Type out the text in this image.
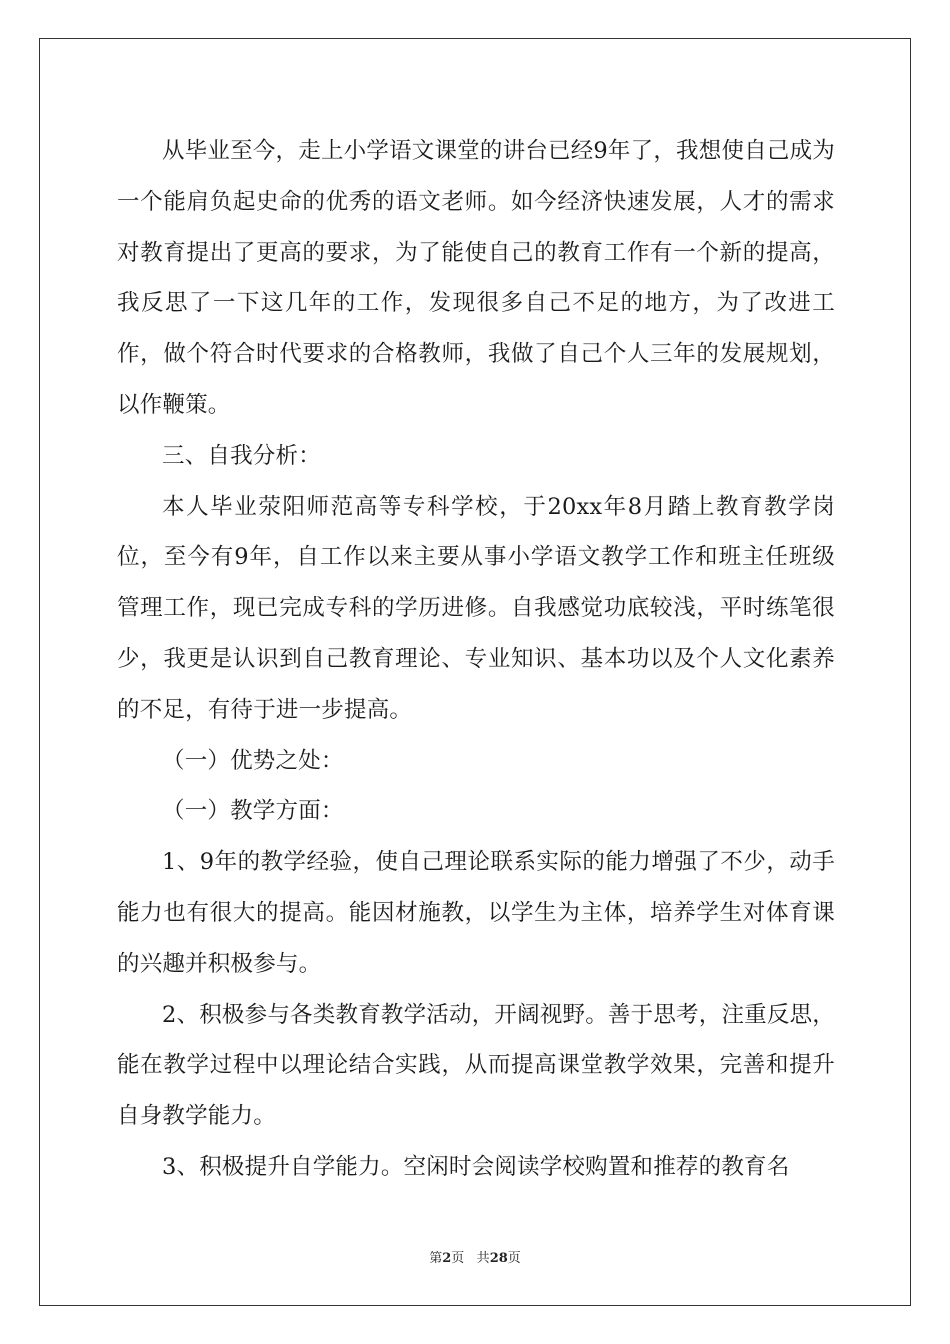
从毕业至今，走上小学语文课堂的讲台已经9年了，我想使自己成为一个能肩负起史命的优秀的语文老师。如今经济快速发展，人才的需求对教育提出了更高的要求，为了能使自己的教育工作有一个新的提高，我反思了一下这几年的工作，发现很多自己不足的地方，为了改进工作，做个符合时代要求的合格教师，我做了自己个人三年的发展规划，以作鞭策。

三、自我分析：

本人毕业荥阳师范高等专科学校，于20xx年8月踏上教育教学岗位，至今有9年，自工作以来主要从事小学语文教学工作和班主任班级管理工作，现已完成专科的学历进修。自我感觉功底较浅，平时练笔很少，我更是认识到自己教育理论、专业知识、基本功以及个人文化素养的不足，有待于进一步提高。

（一）优势之处：

（一）教学方面：

1、9年的教学经验，使自己理论联系实际的能力增强了不少，动手能力也有很大的提高。能因材施教，以学生为主体，培养学生对体育课的兴趣并积极参与。

2、积极参与各类教育教学活动，开阔视野。善于思考，注重反思，能在教学过程中以理论结合实践，从而提高课堂教学效果，完善和提升自身教学能力。

3、积极提升自学能力。空闲时会阅读学校购置和推荐的教育名

第2页 共28页
